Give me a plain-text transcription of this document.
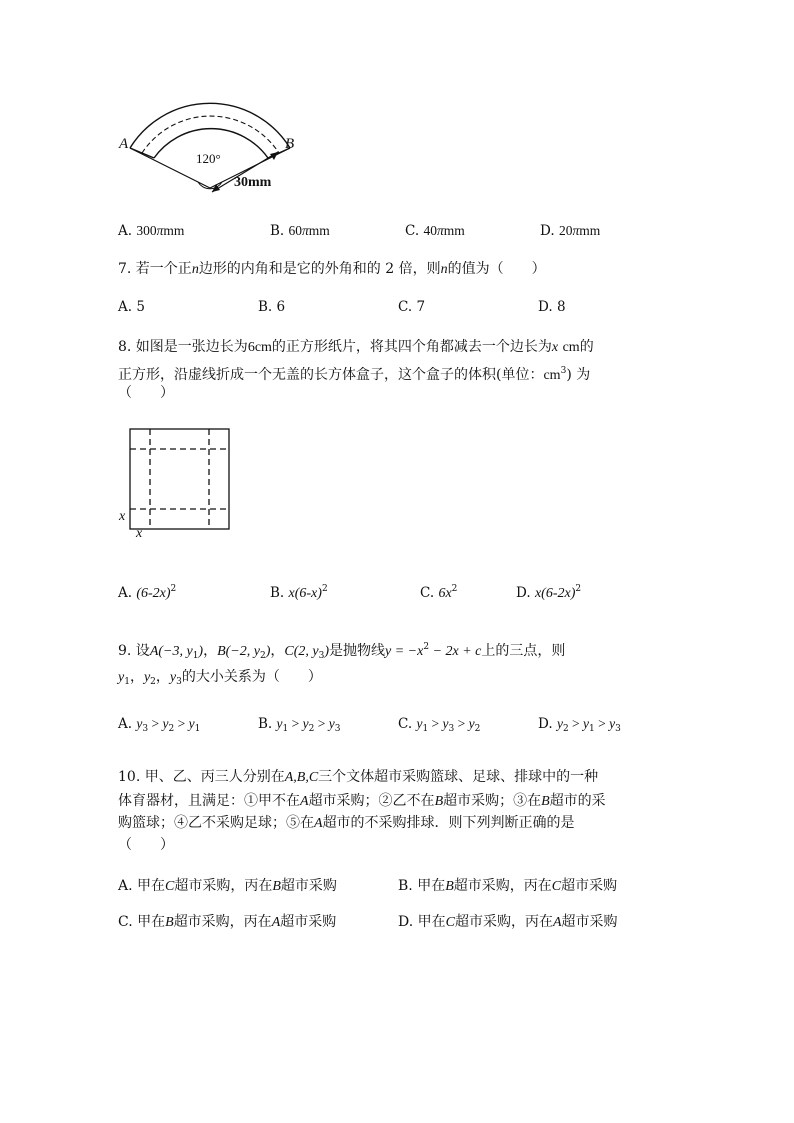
A	B
120°
30mm
A. 300πmm	B. 60πmm	C. 40πmm	D. 20πmm
7. 若一个正n边形的内角和是它的外角和的 2 倍，则n的值为（　　）
A. 5	B. 6	C. 7	D. 8
8. 如图是一张边长为6cm的正方形纸片，将其四个角都减去一个边长为x cm的
正方形，沿虚线折成一个无盖的长方体盒子，这个盒子的体积(单位：$cm^3$) 为
（　　）
x
x
A. $(6-2x)^2$	B. $x(6-x)^2$	C. $6x^2$	D. $x(6-2x)^2$
9. 设A(−3, $y_1$)，B(−2, $y_2$)，C(2, $y_3$)是抛物线$y = -x^2 - 2x + c$上的三点，则
$y_1$，$y_2$，$y_3$的大小关系为（　　）
A. $y_3 > y_2 > y_1$	B. $y_1 > y_2 > y_3$	C. $y_1 > y_3 > y_2$	D. $y_2 > y_1 > y_3$
10. 甲、乙、丙三人分别在A,B,C三个文体超市采购篮球、足球、排球中的一种
体育器材，且满足：①甲不在A超市采购；②乙不在B超市采购；③在B超市的采
购篮球；④乙不采购足球；⑤在A超市的不采购排球．则下列判断正确的是
（　　）
A. 甲在C超市采购，丙在B超市采购	B. 甲在B超市采购，丙在C超市采购
C. 甲在B超市采购，丙在A超市采购	D. 甲在C超市采购，丙在A超市采购
